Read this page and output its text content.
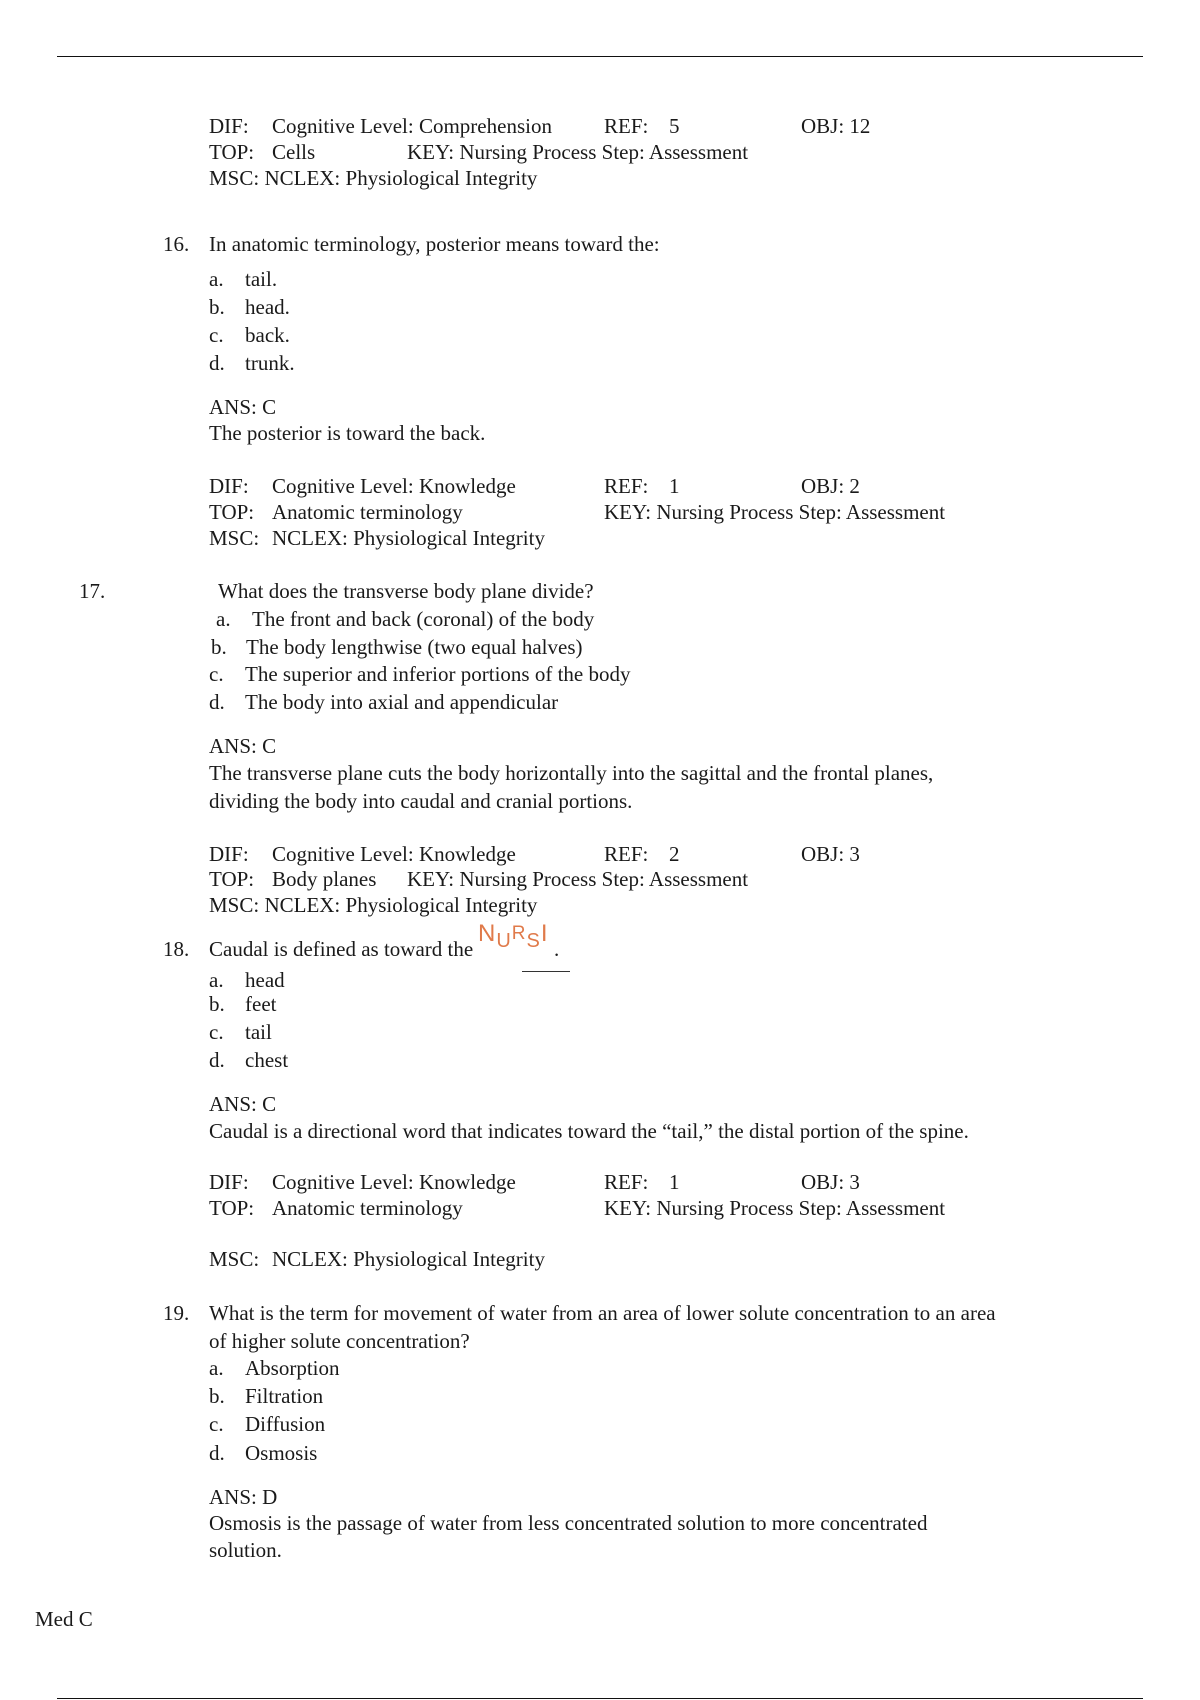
DIF: Cognitive Level: Comprehension REF: 5	OBJ: 12
TOP: Cells	KEY: Nursing Process Step: Assessment
MSC: NCLEX: Physiological Integrity
16. In anatomic terminology, posterior means toward the:
a. tail.
b. head.
c. back.
d. trunk.
ANS: C
The posterior is toward the back.
DIF: Cognitive Level: Knowledge	REF: 1	OBJ: 2
TOP: Anatomic terminology	KEY: Nursing Process Step: Assessment
MSC: NCLEX: Physiological Integrity
17.	What does the transverse body plane divide?
a. The front and back (coronal) of the body
b. The body lengthwise (two equal halves)
c. The superior and inferior portions of the body
d. The body into axial and appendicular
ANS: C
The transverse plane cuts the body horizontally into the sagittal and the frontal planes,
dividing the body into caudal and cranial portions.
DIF: Cognitive Level: Knowledge	REF: 2	OBJ: 3
TOP: Body planes KEY: Nursing Process Step: Assessment
MSC: NCLEX: Physiological Integrity
18. Caudal is defined as toward the	.
$N_UR_SI$
a. head
b. feet
c. tail
d. chest
ANS: C
Caudal is a directional word that indicates toward the “tail,” the distal portion of the spine.
DIF: Cognitive Level: Knowledge	REF: 1	OBJ: 3
TOP: Anatomic terminology	KEY: Nursing Process Step: Assessment
MSC: NCLEX: Physiological Integrity
19. What is the term for movement of water from an area of lower solute concentration to an area
of higher solute concentration?
a. Absorption
b. Filtration
c. Diffusion
d. Osmosis
ANS: D
Osmosis is the passage of water from less concentrated solution to more concentrated
solution.
Med C
